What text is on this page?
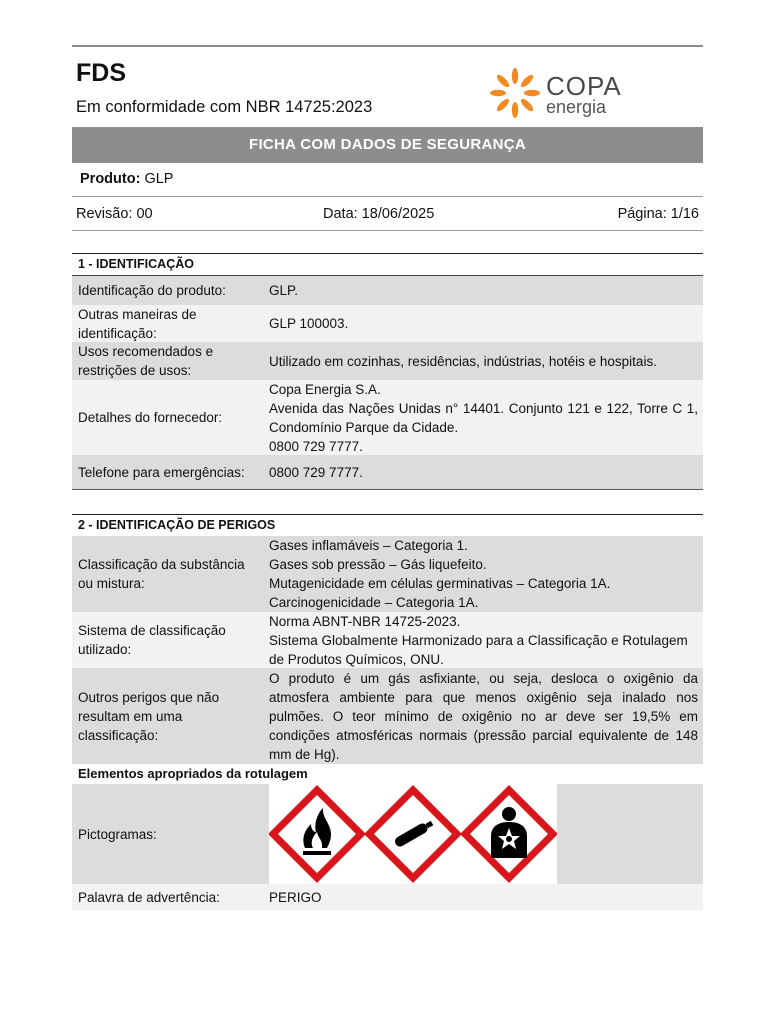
FDS
Em conformidade com NBR 14725:2023
COPA
energia
FICHA COM DADOS DE SEGURANÇA
Produto: GLP
Revisão: 00	Data: 18/06/2025	Página: 1/16
1 - IDENTIFICAÇÃO
Identificação do produto:	GLP.
Outras maneiras de identificação:
GLP 100003.
Usos recomendados e restrições de usos:
Utilizado em cozinhas, residências, indústrias, hotéis e hospitais.
Detalhes do fornecedor:
Copa Energia S.A.
Avenida das Nações Unidas n° 14401. Conjunto 121 e 122, Torre C 1, Condomínio Parque da Cidade.
0800 729 7777.
Telefone para emergências:	0800 729 7777.
2 - IDENTIFICAÇÃO DE PERIGOS
Classificação da substância ou mistura:
Gases inflamáveis – Categoria 1.
Gases sob pressão – Gás liquefeito.
Mutagenicidade em células germinativas – Categoria 1A.
Carcinogenicidade – Categoria 1A.
Sistema de classificação utilizado:
Norma ABNT-NBR 14725-2023.
Sistema Globalmente Harmonizado para a Classificação e Rotulagem de Produtos Químicos, ONU.
Outros perigos que não resultam em uma classificação:
O produto é um gás asfixiante, ou seja, desloca o oxigênio da atmosfera ambiente para que menos oxigênio seja inalado nos pulmões. O teor mínimo de oxigênio no ar deve ser 19,5% em condições atmosféricas normais (pressão parcial equivalente de 148 mm de Hg).
Elementos apropriados da rotulagem
Pictogramas:
Palavra de advertência:	PERIGO
